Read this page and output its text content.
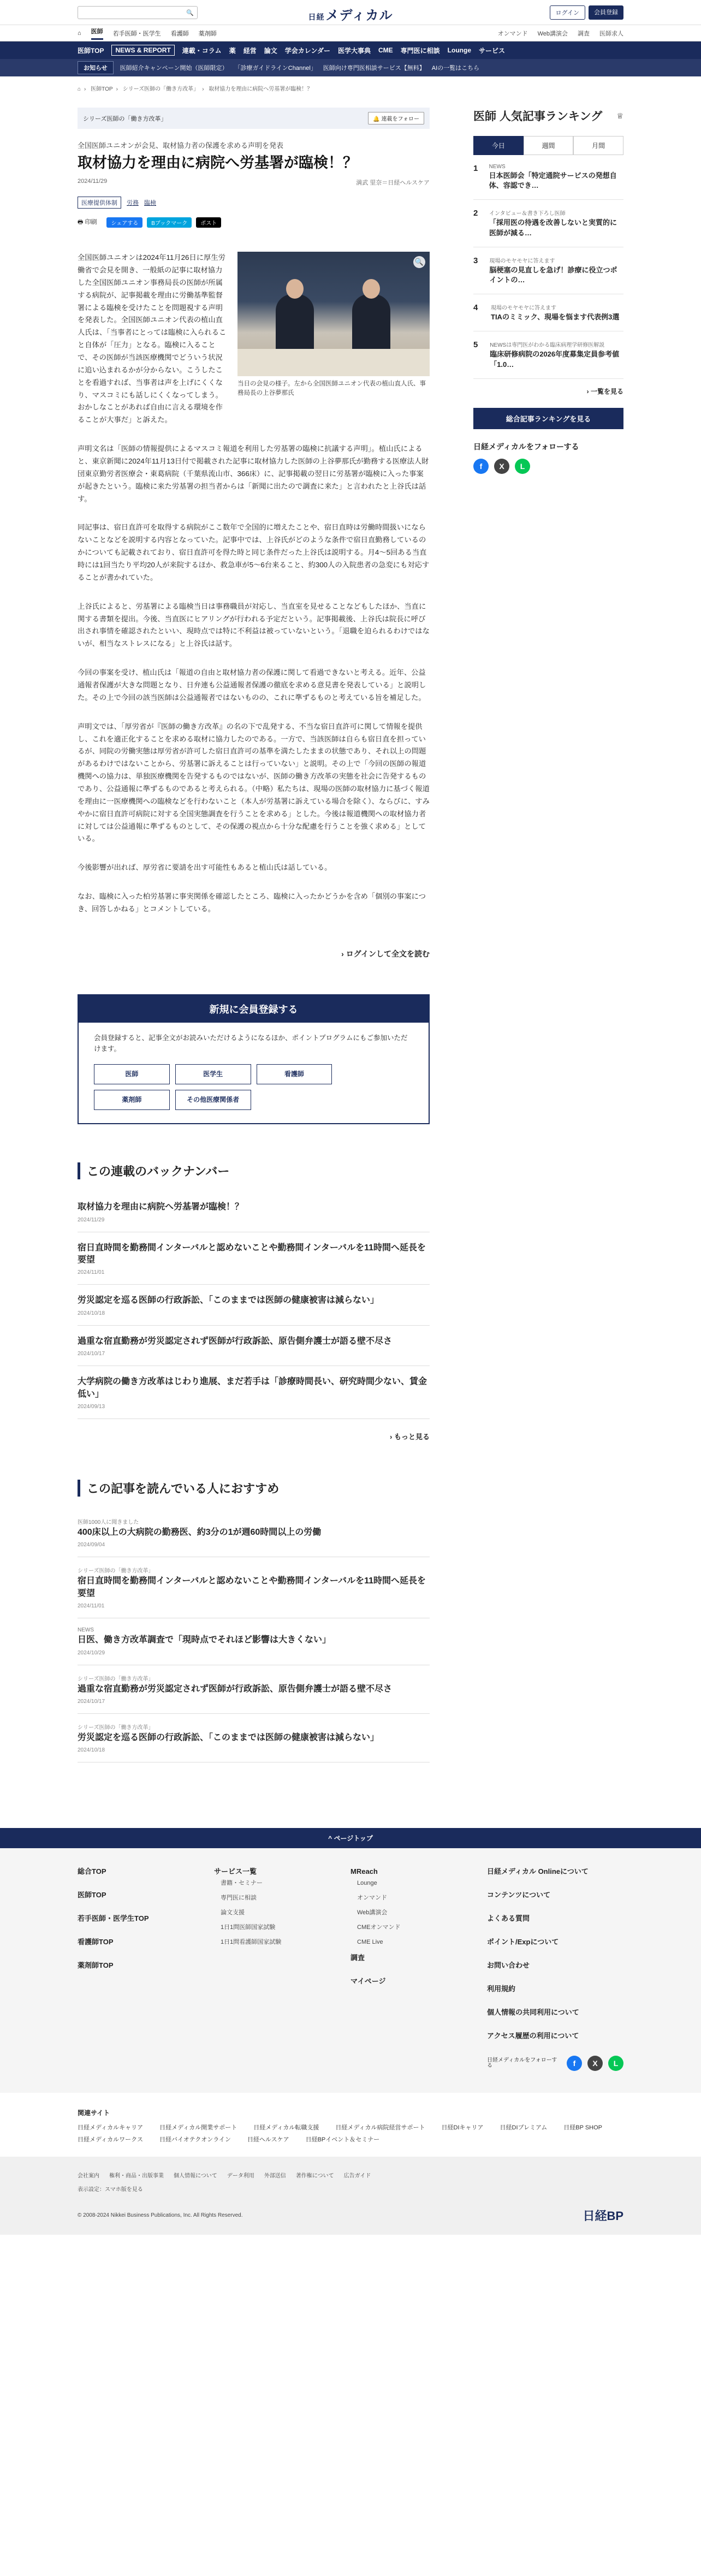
🔍	日経メディカル	ログイン	会員登録
⌂ 医師 若手医師・医学生 看護師 薬剤師	オンマンド Web講演会 調査 医師求人
医師TOP	NEWS & REPORT	連載・コラム 薬 経営 論文 学会カレンダー 医学大事典 CME 専門医に相談 Lounge サービス
お知らせ	医師紹介キャンペーン開始（医師限定） 「診療ガイドラインChannel」 医師向け専門医相談サービス【無料】 AIの一覧はこちら
⌂ › 医師TOP › シリーズ医師の「働き方改革」 › 取材協力を理由に病院へ労基署が臨検！？
シリーズ医師の「働き方改革」	🔔 連載をフォロー
全国医師ユニオンが会見、取材協力者の保護を求める声明を発表
取材協力を理由に病院へ労基署が臨検！？
2024/11/29	満武 里奈＝日経ヘルスケア
医療提供体制	労務 臨検
🖶 印刷	シェアする	Bブックマーク	ポスト
🔍
当日の会見の様子。左から全国医師ユニオン代表の植山直人氏、事務局長の上谷夢那氏

全国医師ユニオンは2024年11月26日に厚生労働省で会見を開き、一般紙の記事に取材協力した全国医師ユニオン事務局長の医師が所属する病院が、記事掲載を理由に労働基準監督署による臨検を受けたことを問題視する声明を発表した。全国医師ユニオン代表の植山直人氏は、「当事者にとっては臨検に入られること自体が「圧力」となる。臨検に入ることで、その医師が当該医療機関でどういう状況に追い込まれるかが分からない。こうしたことを看過すれば、当事者は声を上げにくくなり、マスコミにも話しにくくなってしまう。おかしなことがあれば自由に言える環境を作ることが大事だ」と訴えた。

声明文名は「医師の情報提供によるマスコミ報道を利用した労基署の臨検に抗議する声明」。植山氏によると、東京新聞に2024年11月13日付で掲載された記事に取材協力した医師の上谷夢那氏が勤務する医療法人財団東京勤労者医療会・東葛病院（千葉県流山市、366床）に、記事掲載の翌日に労基署が臨検に入った事案が起きたという。臨検に来た労基署の担当者からは「新聞に出たので調査に来た」と言われたと上谷氏は話す。

同記事は、宿日直許可を取得する病院がここ数年で全国的に増えたことや、宿日直時は労働時間扱いにならないことなどを説明する内容となっていた。記事中では、上谷氏がどのような条件で宿日直勤務しているのかについても記載されており、宿日直許可を得た時と同じ条件だった上谷氏は説明する。月4～5回ある当直時には1回当たり平均20人が来院するほか、救急車が5～6台来ること、約300人の入院患者の急変にも対応することが書かれていた。

上谷氏によると、労基署による臨検当日は事務職員が対応し、当直室を見せることなどもしたほか、当直に関する書類を提出。今後、当直医にヒアリングが行われる予定だという。記事掲載後、上谷氏は院長に呼び出され事情を確認されたといい、現時点では特に不利益は被っていないという。「退職を迫られるわけではないが、相当なストレスになる」と上谷氏は話す。

今回の事案を受け、植山氏は「報道の自由と取材協力者の保護に関して看過できないと考える。近年、公益通報者保護が大きな問題となり、日弁連も公益通報者保護の徹底を求める意見書を発表している」と説明した。その上で今回の該当医師は公益通報者ではないものの、これに準ずるものと考えている旨を補足した。

声明文では、「厚労省が『医師の働き方改革』の名の下で乱発する、不当な宿日直許可に関して情報を提供し、これを適正化することを求める取材に協力したのである。一方で、当該医師は自らも宿日直を担っているが、同院の労働実態は厚労省が許可した宿日直許可の基準を満たしたままの状態であり、それ以上の問題があるわけではないことから、労基署に訴えることは行っていない」と説明。その上で「今回の医師の報道機関への協力は、単独医療機関を告発するものではないが、医師の働き方改革の実態を社会に告発するものであり、公益通報に準ずるものであると考えられる。（中略）私たちは、現場の医師の取材協力に基づく報道を理由に一医療機関への臨検などを行わないこと（本人が労基署に訴えている場合を除く）、ならびに、すみやかに宿日直許可病院に対する全国実態調査を行うことを求める」とした。今後は報道機関への取材協力者に対しては公益通報に準ずるものとして、その保護の視点から十分な配慮を行うことを強く求める」としている。

今後影響が出れば、厚労省に要請を出す可能性もあると植山氏は話している。

なお、臨検に入った柏労基署に事実関係を確認したところ、臨検に入ったかどうかを含め「個別の事案につき、回答しかねる」とコメントしている。

› ログインして全文を読む
新規に会員登録する
会員登録すると、記事全文がお読みいただけるようになるほか、ポイントプログラムにもご参加いただけます。
医師	医学生	看護師
薬剤師	その他医療関係者
この連載のバックナンバー
取材協力を理由に病院へ労基署が臨検！？
2024/11/29
宿日直時間を勤務間インターバルと認めないことや勤務間インターバルを11時間へ延長を要望
2024/11/01
労災認定を巡る医師の行政訴訟、「このままでは医師の健康被害は減らない」
2024/10/18
過重な宿直勤務が労災認定されず医師が行政訴訟、原告側弁護士が語る壁不尽さ
2024/10/17
大学病院の働き方改革はじわり進展、まだ若手は「診療時間長い、研究時間少ない、賃金低い」
2024/09/13
› もっと見る
この記事を読んでいる人におすすめ
医師1000人に聞きました
400床以上の大病院の勤務医、約3分の1が週60時間以上の労働
2024/09/04
シリーズ医師の「働き方改革」
宿日直時間を勤務間インターバルと認めないことや勤務間インターバルを11時間へ延長を要望
2024/11/01
NEWS
日医、働き方改革調査で「現時点でそれほど影響は大きくない」
2024/10/29
シリーズ医師の「働き方改革」
過重な宿直勤務が労災認定されず医師が行政訴訟、原告側弁護士が語る壁不尽さ
2024/10/17
シリーズ医師の「働き方改革」
労災認定を巡る医師の行政訴訟、「このままでは医師の健康被害は減らない」
2024/10/18
医師 人気記事ランキング ♕
今日	週間	月間
1 NEWS
日本医師会「特定通院サービスの発想自体、容認でき…
2 インタビュー＆書き下ろし医師
「採用医の待遇を改善しないと実質的に医師が減る…
3	現場のモヤモヤに答えます
脳梗塞の見直しを急げ！診療に役立つポイントの…
4	現場のモヤモヤに答えます
TIAのミミック、現場を悩ます代表例3選
5	NEWSは専門医がわかる臨床病理学研修医解説
臨床研修病院の2026年度募集定員参考値「1.0…
› 一覧を見る
総合記事ランキングを見る
日経メディカルをフォローする
f	X	L
^ ページトップ
総合TOP
医師TOP
若手医師・医学生TOP
看護師TOP
薬剤師TOP
サービス一覧
書籍・セミナー
専門医に相談
論文支援
1日1問医師国家試験
1日1問看護師国家試験
MReach
Lounge
オンマンド
Web講演会
CMEオンマンド
CME Live
調査
マイページ
日経メディカル Onlineについて
コンテンツについて
よくある質問
ポイント/Expについて
お問い合わせ
利用規約
個人情報の共同利用について
アクセス履歴の利用について
日経メディカルをフォローする	f	X	L
関連サイト
日経メディカルキャリア	日経メディカル開業サポート	日経メディカル転職支援	日経メディカル病院経営サポート	日経DIキャリア	日経DIプレミアム	日経BP SHOP
日経メディカルワークス	日経バイオテクオンライン	日経ヘルスケア	日経BPイベント＆セミナー
会社案内 権利・商品・出版事業 個人情報について データ利用 外部送信 著作権について 広告ガイド
表示設定：スマホ版を見る
© 2008-2024 Nikkei Business Publications, Inc. All Rights Reserved.	日経BP
